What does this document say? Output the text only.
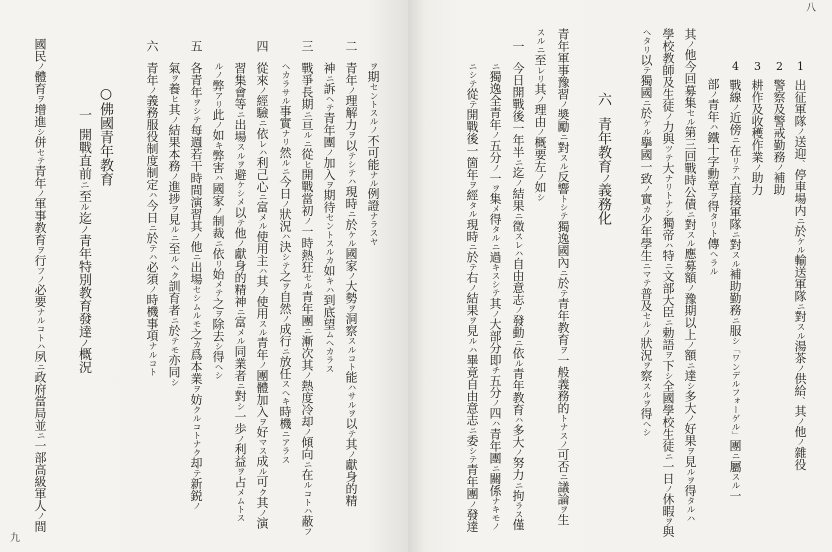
八
1出征軍隊ノ送迎、停車場内ニ於ケル輸送軍隊ニ對スル湯茶ノ供給、其ノ他ノ雜役
2警察及警戒勤務ノ補助
3耕作及收穫作業ノ助力
4戰線ノ近傍ニ在リテハ直接軍隊ニ對スル補助勤務ニ服シ「ワンデルフォーゲル」團ニ屬スル一
部ノ青年ハ鐵十字勳章ヲ得タリト傳ヘラル
其ノ他今回募集セル第三回戰時公債ニ對スル應募額ノ豫期以上ノ額ニ達シ多大ノ好果ヲ見ルヲ得タルハ
學校教師及生徒ノ力與ツテ大ナリトナシ獨帝ハ特ニ文部大臣ニ勅語ヲ下シ全國學校生徒ニ一日ノ休暇ヲ與
ヘタリ以テ獨國ニ於ケル擧國一致ノ實カ少年學生ニマテ普及セルノ狀況ヲ察スルヲ得ヘシ
六青年教育ノ義務化
青年軍事豫習ノ奬勵ニ對スル反響トシテ獨逸國內ニ於テ青年教育ヲ一般義務的トナスノ可否ニ議論ヲ生
スルニ至レリ其ノ理由ノ概要左ノ如シ
一今日開戰後一年半ニ迄ノ結果ニ徵スレハ自由意志ノ發動ニ依ル青年教育ハ多大ノ努力ニ拘ラス僅
ニ獨逸全青年ノ五分ノ一ヲ集メ得タルニ過キスシテ其ノ大部分即チ五分ノ四ハ青年團ニ關係ナキモノ
ニシテ從テ開戰後一箇年ヲ經タル現時ニ於テ右ノ結果ヲ見ルハ畢竟自由意志ニ委シテ青年團ノ發達
ヲ期セントスルノ不可能ナル例證ナラスヤ
二青年ノ理解力ヲ以テシテハ現時ニ於ケル國家ノ大勢ヲ洞察スルコト能ハサルヲ以テ其ノ獻身的精
神ニ訴ヘテ青年團ノ加入ヲ期待セントスルカ如キハ到底望ムヘカラス
三戰爭長期ニ亘ルニ從ヒ開戰當初ノ一時熱狂セル青年團ニ漸次其ノ熱度冷却ノ傾向ニ在ルコトハ蔽フ
ヘカラサル事實ナリ然ルニ今日ノ狀況ハ決シテ之ヲ自然ノ成行ニ放任スヘキ時機ニアラス
四從來ノ經驗ニ依レハ利己心ニ富メル使用主ハ其ノ使用スル青年ノ團體加入ヲ好マス成ル可ク其ノ演
習集會等ニ出場スルヲ避ケシメ以テ他ノ獻身的精神ニ富メル同業者ニ對シ一歩ノ利益ヲ占メムトス
ルノ弊アリ此ノ如キ弊害ハ國家ノ制裁ニ依リ始メテ之ヲ除去シ得ヘシ
五各青年ヲシテ每週若干時間演習其ノ他ニ出場セシムルモ之カ爲本業ヲ妨クルコトナク却テ新鋭ノ
氣ヲ養ヒ其ノ結果本務ノ進捗ヲ見ルニ至ルヘク訓育者ニ於テモ亦同シ
六青年ノ義務服役制度制定ハ今日ニ於テハ必須ノ時機事項ナルコト
○佛國青年教育
一開戰直前ニ至ル迄ノ青年特別教育發達ノ概況
國民ノ體育ヲ增進シ併セテ青年ノ軍事教育ヲ行フノ必要ナルコトハ夙ニ政府當局並ニ一部高級軍人ノ間
九
